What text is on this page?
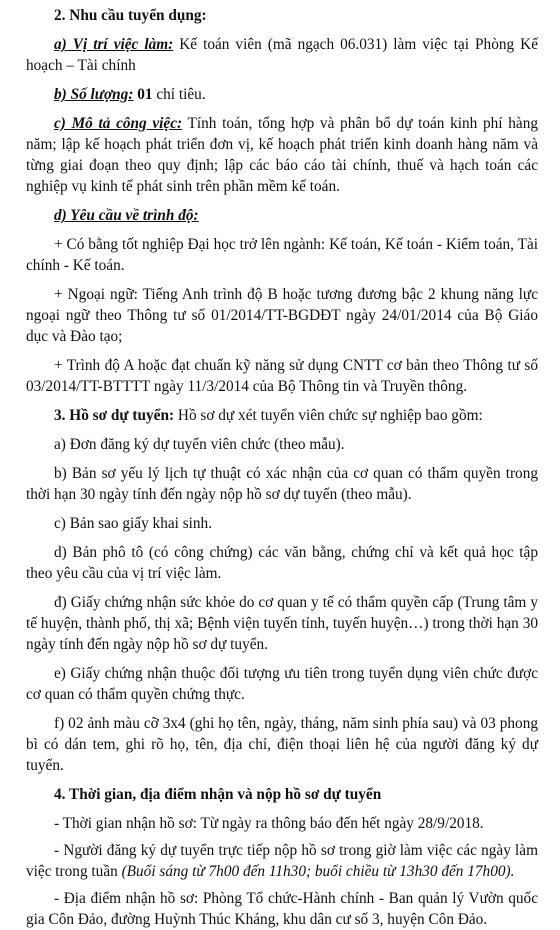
2. Nhu cầu tuyển dụng:

a) Vị trí việc làm: Kế toán viên (mã ngạch 06.031) làm việc tại Phòng Kế hoạch – Tài chính

b) Số lượng: 01 chỉ tiêu.

c) Mô tả công việc: Tính toán, tổng hợp và phân bổ dự toán kinh phí hàng năm; lập kế hoạch phát triển đơn vị, kế hoạch phát triển kinh doanh hàng năm và từng giai đoạn theo quy định; lập các báo cáo tài chính, thuế và hạch toán các nghiệp vụ kinh tế phát sinh trên phần mềm kế toán.

d) Yêu cầu về trình độ:

+ Có bằng tốt nghiệp Đại học trở lên ngành: Kế toán, Kế toán - Kiểm toán, Tài chính - Kế toán.

+ Ngoại ngữ: Tiếng Anh trình độ B hoặc tương đương bậc 2 khung năng lực ngoại ngữ theo Thông tư số 01/2014/TT-BGDĐT ngày 24/01/2014 của Bộ Giáo dục và Đào tạo;

+ Trình độ A hoặc đạt chuẩn kỹ năng sử dụng CNTT cơ bản theo Thông tư số 03/2014/TT-BTTTT ngày 11/3/2014 của Bộ Thông tin và Truyền thông.

3. Hồ sơ dự tuyển: Hồ sơ dự xét tuyển viên chức sự nghiệp bao gồm:

a) Đơn đăng ký dự tuyển viên chức (theo mẫu).

b) Bản sơ yếu lý lịch tự thuật có xác nhận của cơ quan có thẩm quyền trong thời hạn 30 ngày tính đến ngày nộp hồ sơ dự tuyển (theo mẫu).

c) Bản sao giấy khai sinh.

d) Bản phô tô (có công chứng) các văn bằng, chứng chỉ và kết quả học tập theo yêu cầu của vị trí việc làm.

đ) Giấy chứng nhận sức khỏe do cơ quan y tế có thẩm quyền cấp (Trung tâm y tế huyện, thành phố, thị xã; Bệnh viện tuyến tỉnh, tuyến huyện…) trong thời hạn 30 ngày tính đến ngày nộp hồ sơ dự tuyển.

e) Giấy chứng nhận thuộc đối tượng ưu tiên trong tuyển dụng viên chức được cơ quan có thẩm quyền chứng thực.

f) 02 ảnh màu cỡ 3x4 (ghi họ tên, ngày, tháng, năm sinh phía sau) và 03 phong bì có dán tem, ghi rõ họ, tên, địa chỉ, điện thoại liên hệ của người đăng ký dự tuyển.

4. Thời gian, địa điểm nhận và nộp hồ sơ dự tuyển

- Thời gian nhận hồ sơ: Từ ngày ra thông báo đến hết ngày 28/9/2018.

- Người đăng ký dự tuyển trực tiếp nộp hồ sơ trong giờ làm việc các ngày làm việc trong tuần (Buổi sáng từ 7h00 đến 11h30; buổi chiều từ 13h30 đến 17h00).

- Địa điểm nhận hồ sơ: Phòng Tổ chức-Hành chính - Ban quản lý Vườn quốc gia Côn Đảo, đường Huỳnh Thúc Kháng, khu dân cư số 3, huyện Côn Đảo.
